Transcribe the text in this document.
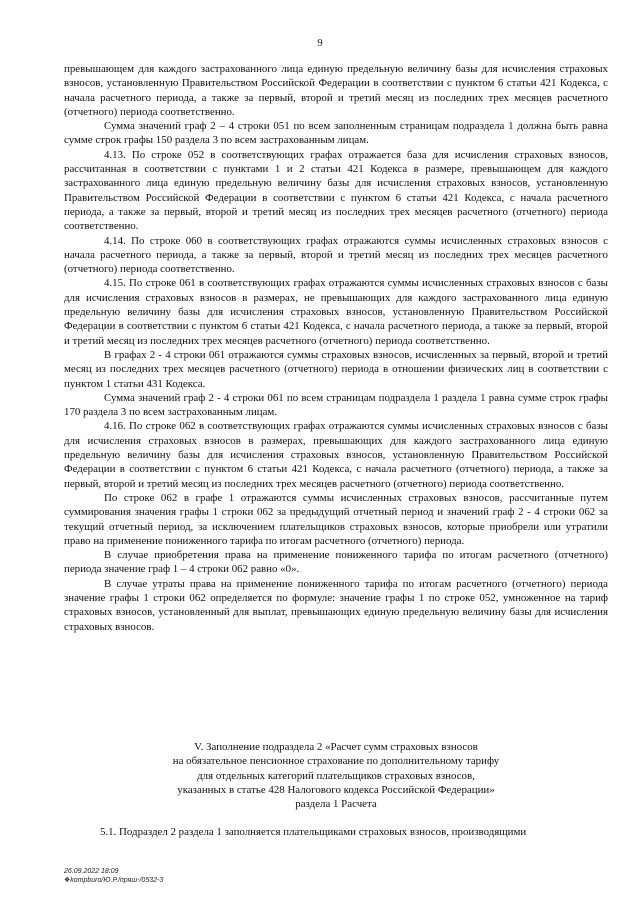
9

превышающем для каждого застрахованного лица единую предельную величину базы для исчисления страховых взносов, установленную Правительством Российской Федерации в соответствии с пунктом 6 статьи 421 Кодекса, с начала расчетного периода, а также за первый, второй и третий месяц из последних трех месяцев расчетного (отчетного) периода соответственно.

Сумма значений граф 2 – 4 строки 051 по всем заполненным страницам подраздела 1 должна быть равна сумме строк графы 150 раздела 3 по всем застрахованным лицам.

4.13. По строке 052 в соответствующих графах отражается база для исчисления страховых взносов, рассчитанная в соответствии с пунктами 1 и 2 статьи 421 Кодекса в размере, превышающем для каждого застрахованного лица единую предельную величину базы для исчисления страховых взносов, установленную Правительством Российской Федерации в соответствии с пунктом 6 статьи 421 Кодекса, с начала расчетного периода, а также за первый, второй и третий месяц из последних трех месяцев расчетного (отчетного) периода соответственно.

4.14. По строке 060 в соответствующих графах отражаются суммы исчисленных страховых взносов с начала расчетного периода, а также за первый, второй и третий месяц из последних трех месяцев расчетного (отчетного) периода соответственно.

4.15. По строке 061 в соответствующих графах отражаются суммы исчисленных страховых взносов с базы для исчисления страховых взносов в размерах, не превышающих для каждого застрахованного лица единую предельную величину базы для исчисления страховых взносов, установленную Правительством Российской Федерации в соответствии с пунктом 6 статьи 421 Кодекса, с начала расчетного периода, а также за первый, второй и третий месяц из последних трех месяцев расчетного (отчетного) периода соответственно.

В графах 2 - 4 строки 061 отражаются суммы страховых взносов, исчисленных за первый, второй и третий месяц из последних трех месяцев расчетного (отчетного) периода в отношении физических лиц в соответствии с пунктом 1 статьи 431 Кодекса.

Сумма значений граф 2 - 4 строки 061 по всем страницам подраздела 1 раздела 1 равна сумме строк графы 170 раздела 3 по всем застрахованным лицам.

4.16. По строке 062 в соответствующих графах отражаются суммы исчисленных страховых взносов с базы для исчисления страховых взносов в размерах, превышающих для каждого застрахованного лица единую предельную величину базы для исчисления страховых взносов, установленную Правительством Российской Федерации в соответствии с пунктом 6 статьи 421 Кодекса, с начала расчетного (отчетного) периода, а также за первый, второй и третий месяц из последних трех месяцев расчетного (отчетного) периода соответственно.

По строке 062 в графе 1 отражаются суммы исчисленных страховых взносов, рассчитанные путем суммирования значения графы 1 строки 062 за предыдущий отчетный период и значений граф 2 - 4 строки 062 за текущий отчетный период, за исключением плательщиков страховых взносов, которые приобрели или утратили право на применение пониженного тарифа по итогам расчетного (отчетного) периода.

В случае приобретения права на применение пониженного тарифа по итогам расчетного (отчетного) периода значение граф 1 – 4 строки 062 равно «0».

В случае утраты права на применение пониженного тарифа по итогам расчетного (отчетного) периода значение графы 1 строки 062 определяется по формуле: значение графы 1 по строке 052, умноженное на тариф страховых взносов, установленный для выплат, превышающих единую предельную величину базы для исчисления страховых взносов.

V. Заполнение подраздела 2 «Расчет сумм страховых взносов
на обязательное пенсионное страхование по дополнительному тарифу
для отдельных категорий плательщиков страховых взносов,
указанных в статье 428 Налогового кодекса Российской Федерации»
раздела 1 Расчета
5.1. Подраздел 2 раздела 1 заполняется плательщиками страховых взносов, производящими
26.09.2022 18:09
❖kompburo/Ю.Р./пряш-/0532-3
